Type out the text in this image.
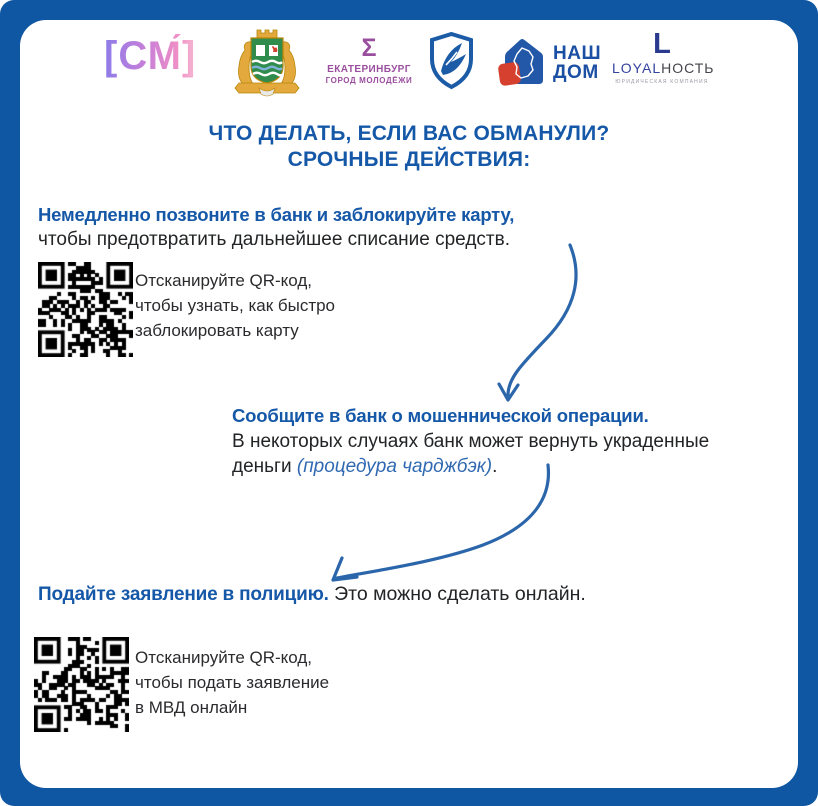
[СМ́]	Σ
ЕКАТЕРИНБУРГ
ГОРОД МОЛОДЁЖИ
НАШ
ДОМ
L
LOYALНОСТЬ
ЮРИДИЧЕСКАЯ КОМПАНИЯ
ЧТО ДЕЛАТЬ, ЕСЛИ ВАС ОБМАНУЛИ?
СРОЧНЫЕ ДЕЙСТВИЯ:
Немедленно позвоните в банк и заблокируйте карту,
чтобы предотвратить дальнейшее списание средств.
Отсканируйте QR-код,
чтобы узнать, как быстро
заблокировать карту
Сообщите в банк о мошеннической операции.
В некоторых случаях банк может вернуть украденные
деньги (процедура чарджбэк).
Подайте заявление в полицию. Это можно сделать онлайн.
Отсканируйте QR-код,
чтобы подать заявление
в МВД онлайн
